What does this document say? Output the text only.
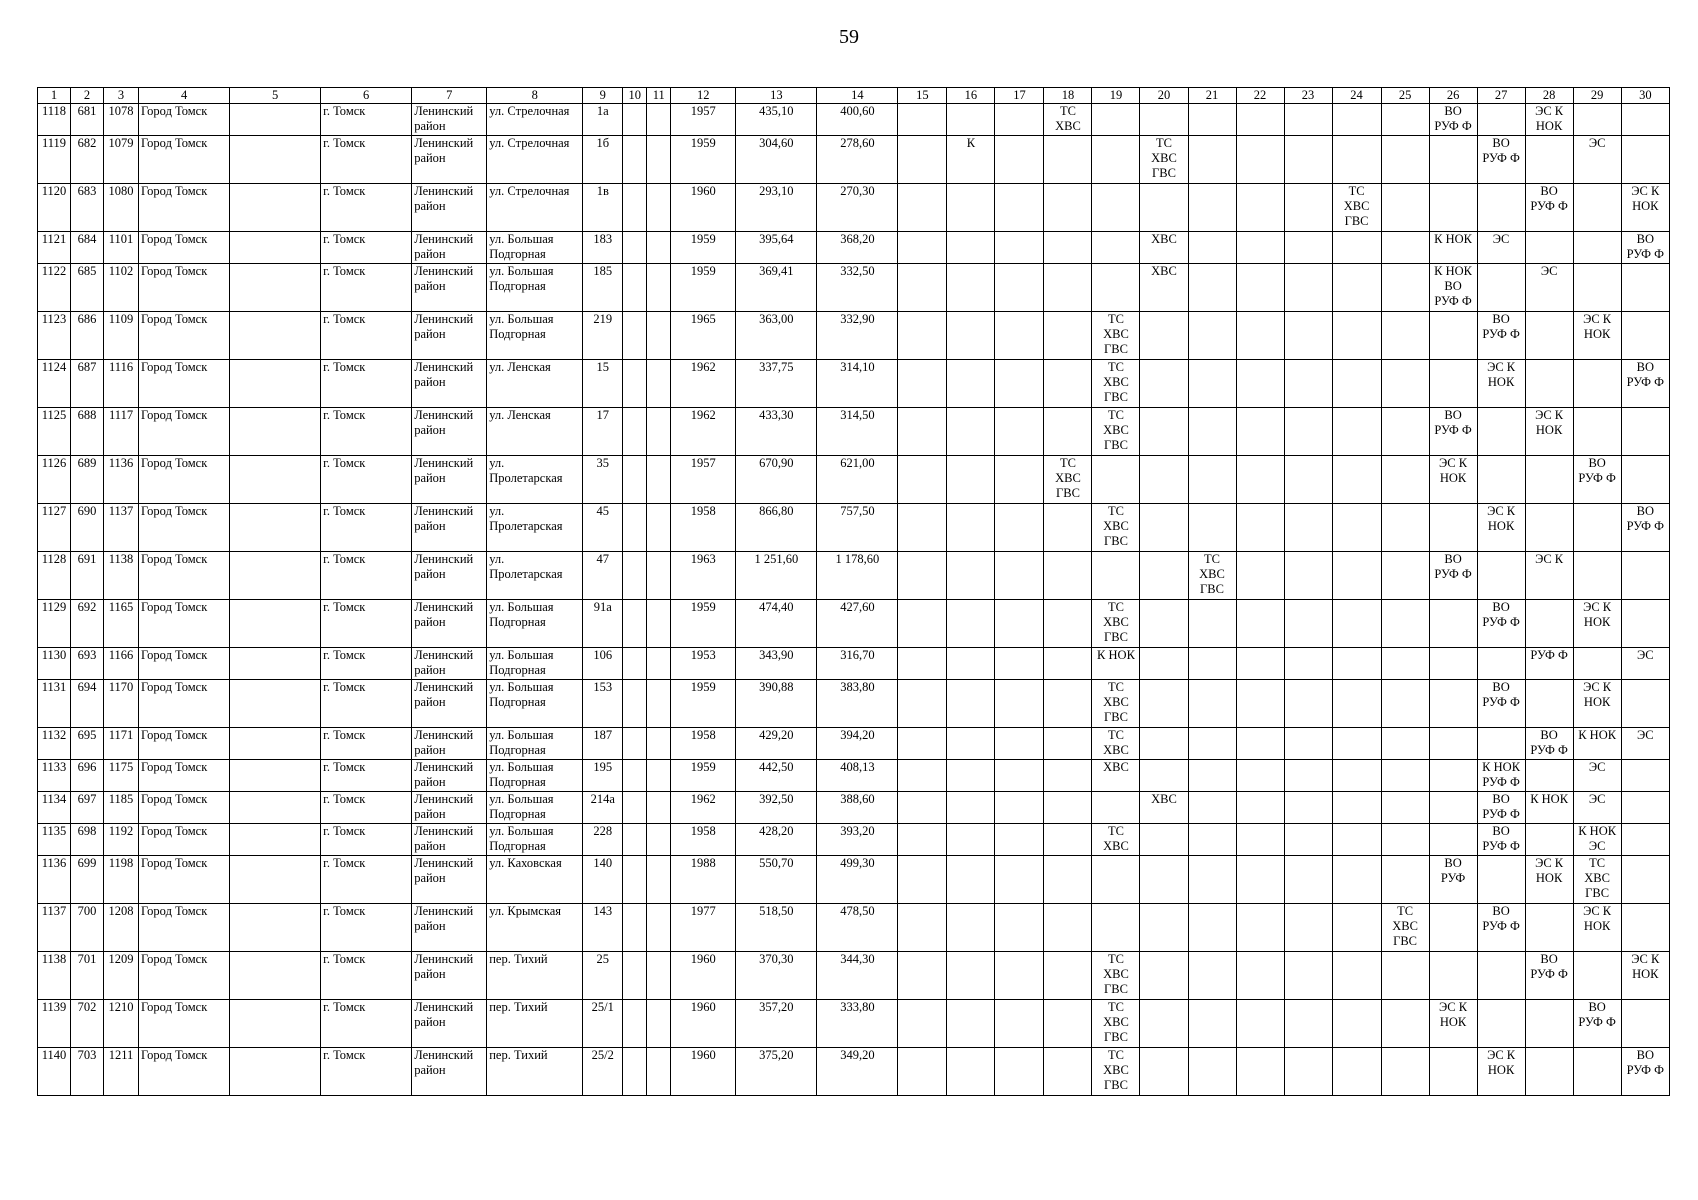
59
1	2	3	4	5	6	7	8	9	10	11	12	13	14	15	16	17	18	19	20	21	22	23	24	25	26	27	28	29	30
1118	681	1078	Город Томск		г. Томск	Ленинский район	ул. Стрелочная	1а			1957	435,10	400,60				ТС ХВС								ВО РУФ Ф		ЭС К НОК		
1119	682	1079	Город Томск		г. Томск	Ленинский район	ул. Стрелочная	1б			1959	304,60	278,60		К				ТС ХВС ГВС							ВО РУФ Ф		ЭС	
1120	683	1080	Город Томск		г. Томск	Ленинский район	ул. Стрелочная	1в			1960	293,10	270,30										ТС ХВС ГВС				ВО РУФ Ф		ЭС К НОК
1121	684	1101	Город Томск		г. Томск	Ленинский район	ул. Большая Подгорная	183			1959	395,64	368,20						ХВС						К НОК	ЭС			ВО РУФ Ф
1122	685	1102	Город Томск		г. Томск	Ленинский район	ул. Большая Подгорная	185			1959	369,41	332,50						ХВС						К НОК ВО РУФ Ф		ЭС		
1123	686	1109	Город Томск		г. Томск	Ленинский район	ул. Большая Подгорная	219			1965	363,00	332,90					ТС ХВС ГВС								ВО РУФ Ф		ЭС К НОК	
1124	687	1116	Город Томск		г. Томск	Ленинский район	ул. Ленская	15			1962	337,75	314,10					ТС ХВС ГВС								ЭС К НОК			ВО РУФ Ф
1125	688	1117	Город Томск		г. Томск	Ленинский район	ул. Ленская	17			1962	433,30	314,50					ТС ХВС ГВС							ВО РУФ Ф		ЭС К НОК		
1126	689	1136	Город Томск		г. Томск	Ленинский район	ул. Пролетарская	35			1957	670,90	621,00				ТС ХВС ГВС								ЭС К НОК			ВО РУФ Ф	
1127	690	1137	Город Томск		г. Томск	Ленинский район	ул. Пролетарская	45			1958	866,80	757,50					ТС ХВС ГВС								ЭС К НОК			ВО РУФ Ф
1128	691	1138	Город Томск		г. Томск	Ленинский район	ул. Пролетарская	47			1963	1 251,60	1 178,60							ТС ХВС ГВС					ВО РУФ Ф		ЭС К		
1129	692	1165	Город Томск		г. Томск	Ленинский район	ул. Большая Подгорная	91а			1959	474,40	427,60					ТС ХВС ГВС								ВО РУФ Ф		ЭС К НОК	
1130	693	1166	Город Томск		г. Томск	Ленинский район	ул. Большая Подгорная	106			1953	343,90	316,70					К НОК									РУФ Ф		ЭС
1131	694	1170	Город Томск		г. Томск	Ленинский район	ул. Большая Подгорная	153			1959	390,88	383,80					ТС ХВС ГВС								ВО РУФ Ф		ЭС К НОК	
1132	695	1171	Город Томск		г. Томск	Ленинский район	ул. Большая Подгорная	187			1958	429,20	394,20					ТС ХВС									ВО РУФ Ф	К НОК	ЭС
1133	696	1175	Город Томск		г. Томск	Ленинский район	ул. Большая Подгорная	195			1959	442,50	408,13					ХВС								К НОК РУФ Ф		ЭС	
1134	697	1185	Город Томск		г. Томск	Ленинский район	ул. Большая Подгорная	214а			1962	392,50	388,60						ХВС							ВО РУФ Ф	К НОК	ЭС	
1135	698	1192	Город Томск		г. Томск	Ленинский район	ул. Большая Подгорная	228			1958	428,20	393,20					ТС ХВС								ВО РУФ Ф		К НОК ЭС	
1136	699	1198	Город Томск		г. Томск	Ленинский район	ул. Каховская	140			1988	550,70	499,30												ВО РУФ		ЭС К НОК	ТС ХВС ГВС	
1137	700	1208	Город Томск		г. Томск	Ленинский район	ул. Крымская	143			1977	518,50	478,50											ТС ХВС ГВС		ВО РУФ Ф		ЭС К НОК	
1138	701	1209	Город Томск		г. Томск	Ленинский район	пер. Тихий	25			1960	370,30	344,30					ТС ХВС ГВС									ВО РУФ Ф		ЭС К НОК
1139	702	1210	Город Томск		г. Томск	Ленинский район	пер. Тихий	25/1			1960	357,20	333,80					ТС ХВС ГВС							ЭС К НОК			ВО РУФ Ф	
1140	703	1211	Город Томск		г. Томск	Ленинский район	пер. Тихий	25/2			1960	375,20	349,20					ТС ХВС ГВС								ЭС К НОК			ВО РУФ Ф
